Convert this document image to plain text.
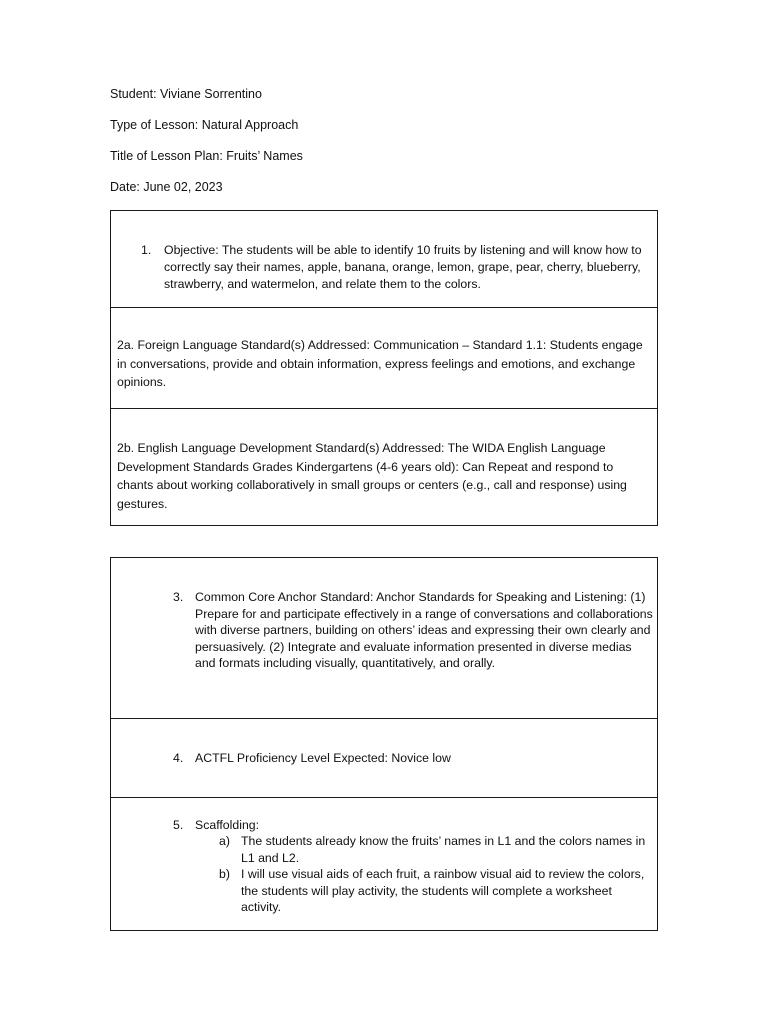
Student: Viviane Sorrentino
Type of Lesson: Natural Approach
Title of Lesson Plan: Fruits’ Names
Date: June 02, 2023
1. Objective: The students will be able to identify 10 fruits by listening and will know how to correctly say their names, apple, banana, orange, lemon, grape, pear, cherry, blueberry, strawberry, and watermelon, and relate them to the colors.
2a. Foreign Language Standard(s) Addressed: Communication – Standard 1.1: Students engage in conversations, provide and obtain information, express feelings and emotions, and exchange opinions.
2b. English Language Development Standard(s) Addressed: The WIDA English Language Development Standards Grades Kindergartens (4-6 years old): Can Repeat and respond to chants about working collaboratively in small groups or centers (e.g., call and response) using gestures.
3. Common Core Anchor Standard: Anchor Standards for Speaking and Listening: (1) Prepare for and participate effectively in a range of conversations and collaborations with diverse partners, building on others’ ideas and expressing their own clearly and persuasively. (2) Integrate and evaluate information presented in diverse medias and formats including visually, quantitatively, and orally.
4. ACTFL Proficiency Level Expected: Novice low
5. Scaffolding:
a) The students already know the fruits’ names in L1 and the colors names in L1 and L2.
b) I will use visual aids of each fruit, a rainbow visual aid to review the colors, the students will play activity, the students will complete a worksheet activity.
